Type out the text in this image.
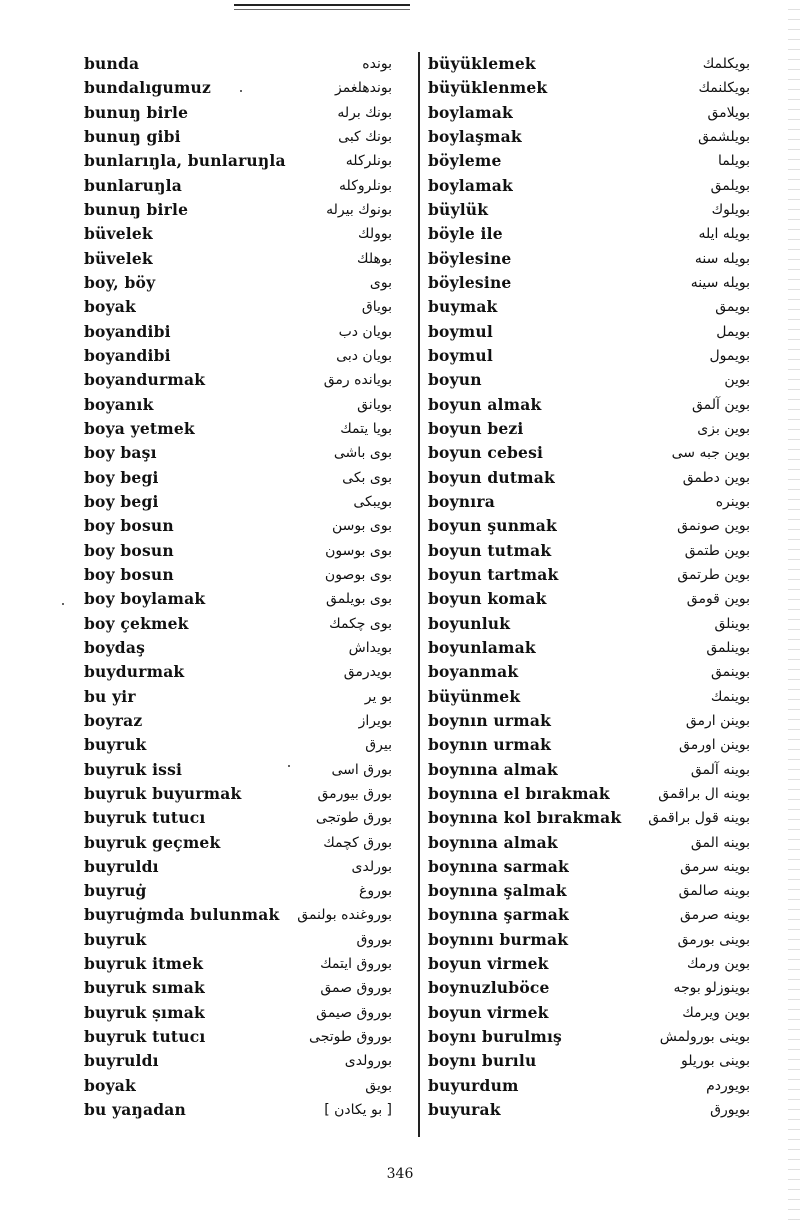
bunda	بونده
bundalıgumuz	بوندهلغمز
bunuŋ birle	بونك برله
bunuŋ gibi	بونك كبى
bunlarıŋla, bunlaruŋla	بونلركله
bunlaruŋla	بونلروكله
bunuŋ birle	بونوك بيرله
büvelek	بوولك
büvelek	بوهلك
boy, böy	بوى
boyak	بوياق
boyandibi	بويان دب
boyandibi	بويان دبى
boyandurmak	بويانده رمق
boyanık	بويانق
boya yetmek	بويا يتمك
boy başı	بوى باشى
boy begi	بوى بكى
boy begi	بويبكى
boy bosun	بوى بوسن
boy bosun	بوى بوسون
boy bosun	بوى بوصون
boy boylamak	بوى بويلمق
boy çekmek	بوى چكمك
boydaş	بويداش
buydurmak	بويدرمق
bu yir	بو ير
boyraz	بويراز
buyruk	بيرق
buyruk issi	بورق اسى
buyruk buyurmak	بورق بيورمق
buyruk tutucı	بورق طوتجى
buyruk geçmek	بورق كچمك
buyruldı	بورلدى
buyruġ	بوروغ
buyruġmda bulunmak بوروغنده بولنمق
buyruk	بوروق
buyruk itmek	بوروق ايتمك
buyruk sımak	بوروق صمق
buyruk ṣımak	بوروق صيمق
buyruk tutucı	بوروق طوتجى
buyruldı	بورولدى
boyak	بويق
bu yaŋadan	[ بو يكادن ]
büyüklemek	بويكلمك
büyüklenmek	بويكلنمك
boylamak	بويلامق
boylaşmak	بويلشمق
böyleme	بويلما
boylamak	بويلمق
büylük	بويلوك
böyle ile	بويله ايله
böylesine	بويله سنه
böylesine	بويله سينه
buymak	بويمق
boymul	بويمل
boymul	بويمول
boyun	بوين
boyun almak	بوين آلمق
boyun bezi	بوين بزى
boyun cebesi	بوين جبه سى
boyun dutmak	بوين دطمق
boynıra	بوينره
boyun şunmak	بوين صونمق
boyun tutmak	بوين طتمق
boyun tartmak	بوين طرتمق
boyun komak	بوين قومق
boyunluk	بوينلق
boyunlamak	بوينلمق
boyanmak	بوينمق
büyünmek	بوينمك
boynın urmak	بوينن ارمق
boynın urmak	بوينن اورمق
boynına almak	بوينه آلمق
boynına el bırakmak	بوينه ال براقمق
boynına kol bırakmak بوينه قول براقمق
boynına almak	بوينه المق
boynına sarmak	بوينه سرمق
boynına şalmak	بوينه صالمق
boynına şarmak	بوينه صرمق
boynını burmak	بوينى بورمق
boyun virmek	بوين ورمك
boynuzluböce	بوينوزلو بوجه
boyun virmek	بوين ويرمك
boynı burulmış	بوينى بورولمش
boynı burılu	بوينى بوريلو
buyurdum	بويوردم
buyurak	بويورق
346
